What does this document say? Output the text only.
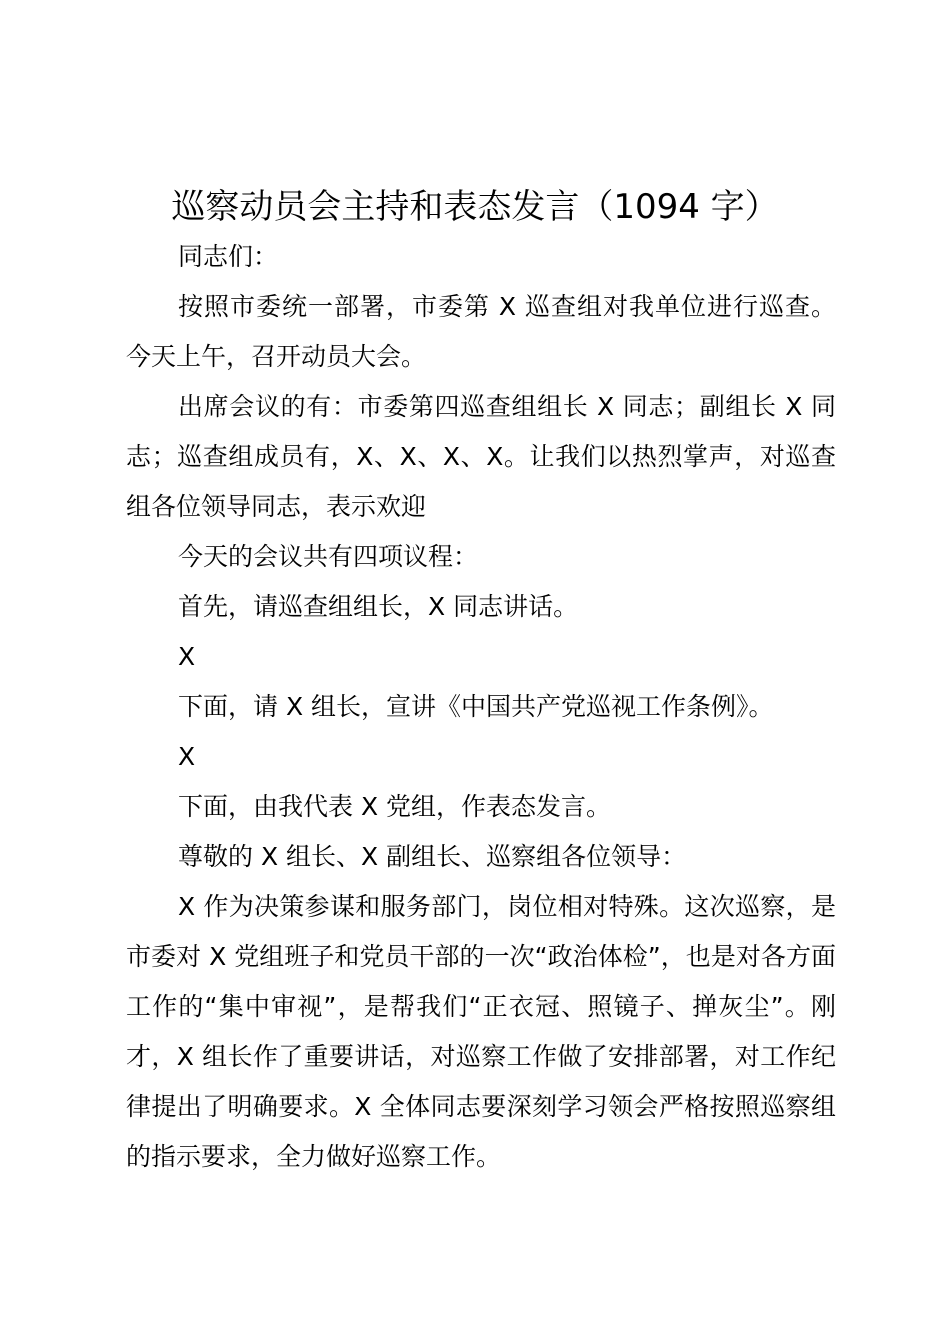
巡察动员会主持和表态发言（1094 字）

同志们：

按照市委统一部署，市委第 X 巡查组对我单位进行巡查。今天上午，召开动员大会。

出席会议的有：市委第四巡查组组长 X 同志；副组长 X 同志；巡查组成员有，X、X、X、X。让我们以热烈掌声，对巡查组各位领导同志，表示欢迎

今天的会议共有四项议程：

首先，请巡查组组长，X 同志讲话。

X

下面，请 X 组长，宣讲《中国共产党巡视工作条例》。

X

下面，由我代表 X 党组，作表态发言。

尊敬的 X 组长、X 副组长、巡察组各位领导：

X 作为决策参谋和服务部门，岗位相对特殊。这次巡察，是市委对 X 党组班子和党员干部的一次“政治体检”，也是对各方面工作的“集中审视”，是帮我们“正衣冠、照镜子、掸灰尘”。刚才，X 组长作了重要讲话，对巡察工作做了安排部署，对工作纪律提出了明确要求。X 全体同志要深刻学习领会严格按照巡察组的指示要求，全力做好巡察工作。
